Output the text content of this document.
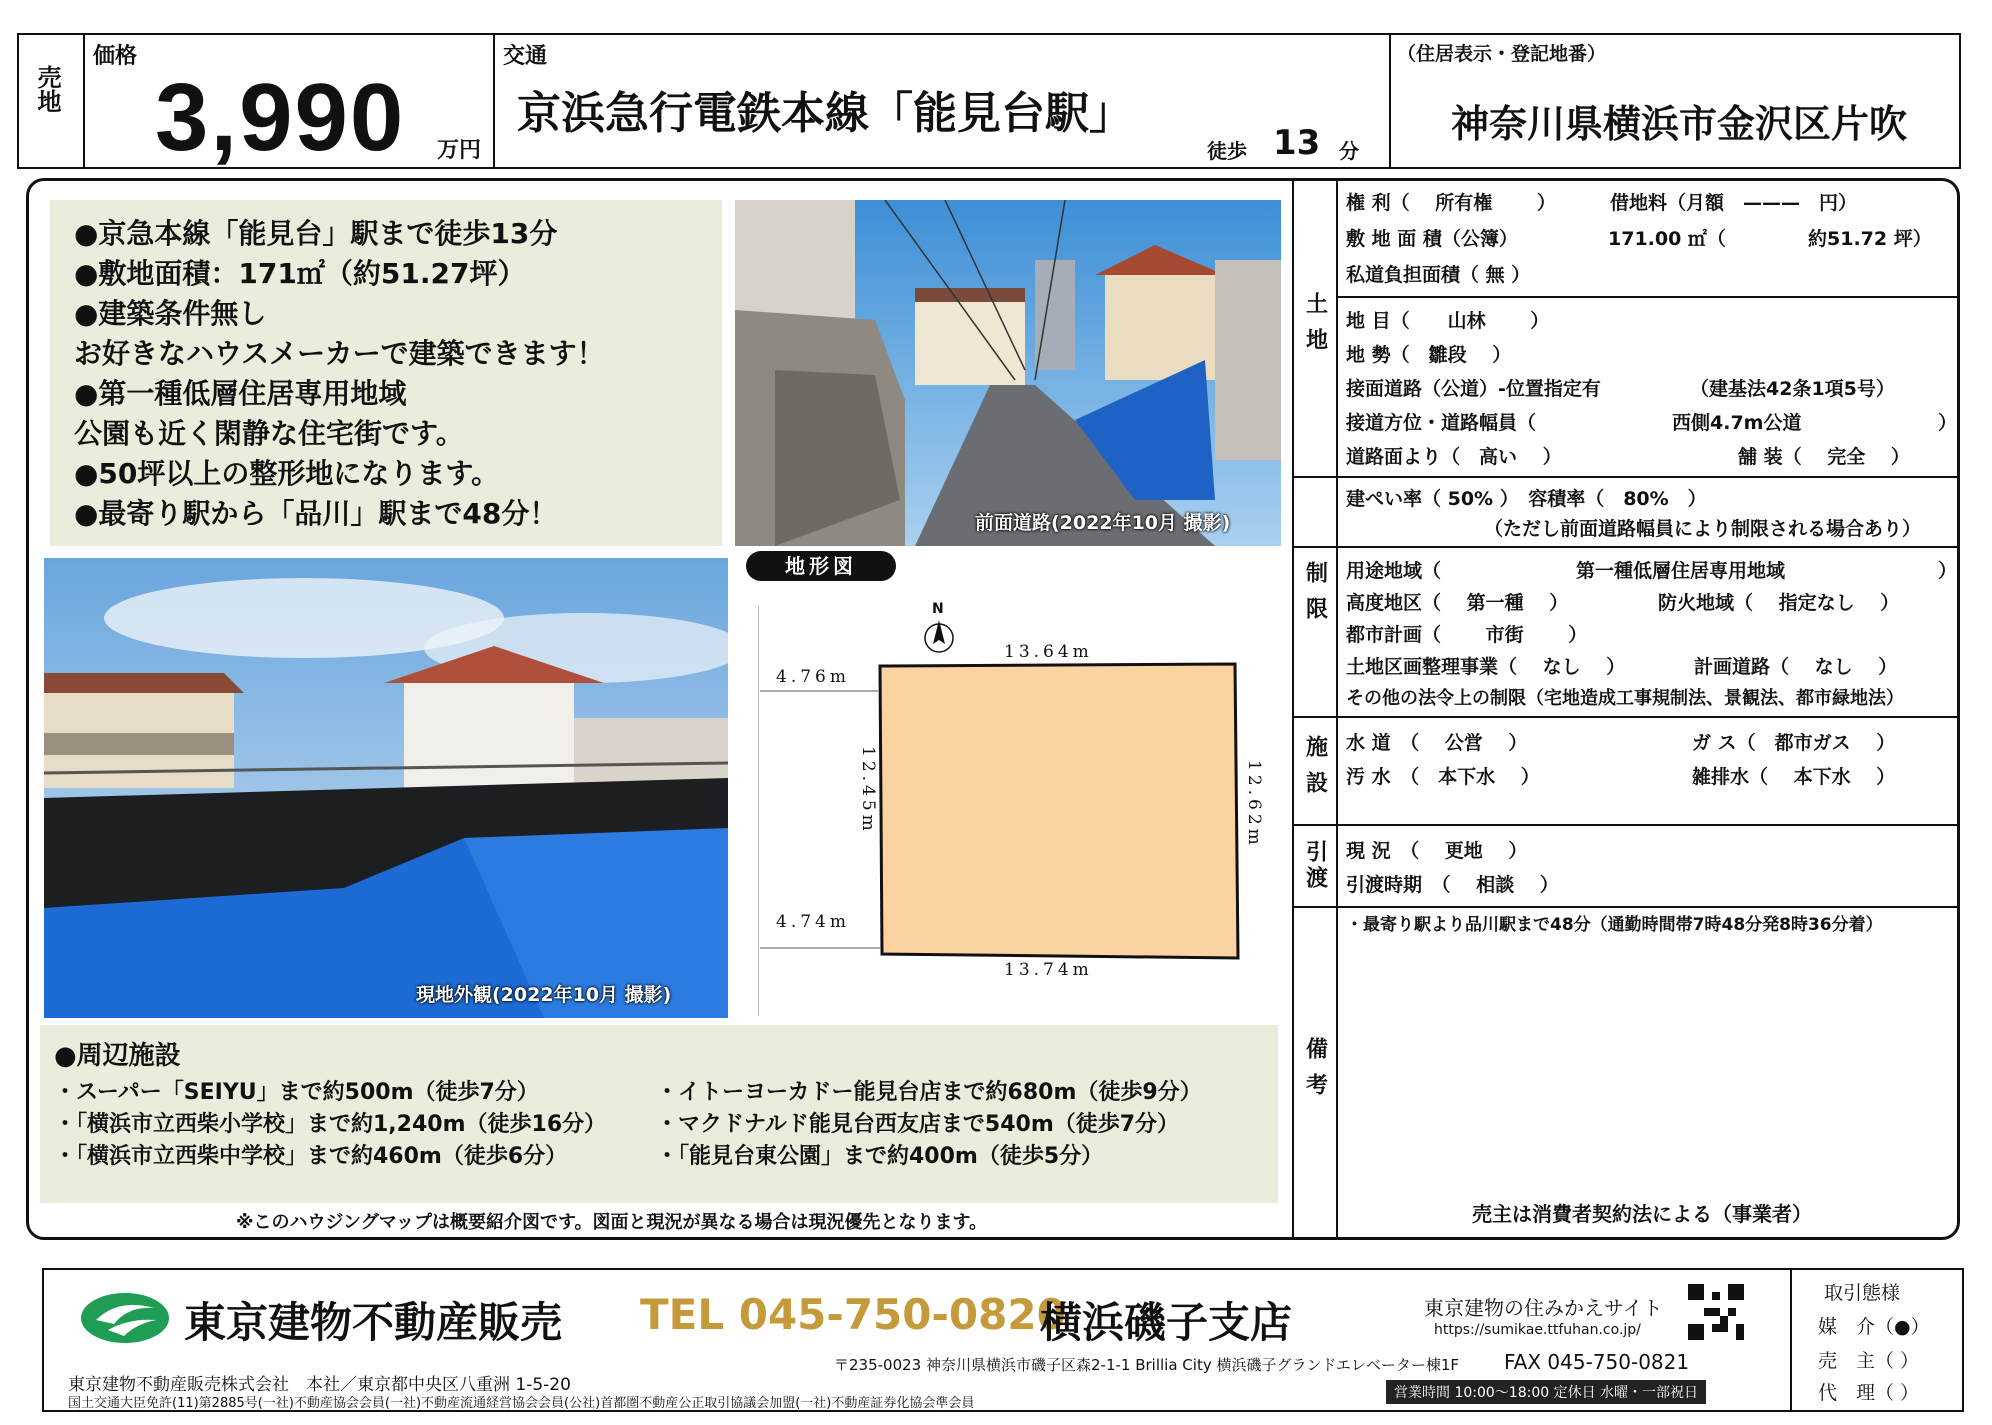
売地
価格
3,990 万円
交通
京浜急行電鉄本線「能見台駅」
徒歩 13 分
（住居表示・登記地番）
神奈川県横浜市金沢区片吹
●京急本線「能見台」駅まで徒歩13分
●敷地面積：171㎡（約51.27坪）
●建築条件無し
お好きなハウスメーカーで建築できます！
●第一種低層住居専用地域
公園も近く閑静な住宅街です。
●50坪以上の整形地になります。
●最寄り駅から「品川」駅まで48分！	前面道路(2022年10月 撮影)
現地外観(2022年10月 撮影)
地形図
N
13.64m
13.74m
4.76m
4.74m
12.45m	12.62m
●周辺施設
・スーパー「SEIYU」まで約500m（徒歩7分）
・「横浜市立西柴小学校」まで約1,240m（徒歩16分）
・「横浜市立西柴中学校」まで約460m（徒歩6分）
・イトーヨーカドー能見台店まで約680m（徒歩9分）
・マクドナルド能見台西友店まで540m（徒歩7分）
・「能見台東公園」まで約400m（徒歩5分）
※このハウジングマップは概要紹介図です。図面と現況が異なる場合は現況優先となります。
土地
権 利（　 所有権　　 ）	借地料（月額　———　円）
敷 地 面 積（公簿）	171.00 ㎡（	約51.72 坪）
私道負担面積（ 無 ）
地 目（　　山林　　 ）
地 勢（　雛段　 ）
接面道路（公道）-位置指定有	（建基法42条1項5号）
接道方位・道路幅員（	西側4.7m公道	）
道路面より（　高い　 ）	舗 装（　 完全　 ）
建ぺい率（ 50% ）　容積率（　80%　）
（ただし前面道路幅員により制限される場合あり）
制限 用途地域（	第一種低層住居専用地域	）
高度地区（　 第一種　 ）	防火地域（　 指定なし　 ）
都市計画（　　 市街　　 ）
土地区画整理事業（　 なし　 ）	計画道路（　 なし　 ）
その他の法令上の制限（宅地造成工事規制法、景観法、都市緑地法）
施設 水 道　（　 公営　 ）	ガ ス（　都市ガス　 ）
汚 水　（　本下水　 ）	雑排水（　 本下水　 ）
引渡 現 況　（　 更地　 ）
引渡時期　（　 相談　 ）
備考
・最寄り駅より品川駅まで48分（通勤時間帯7時48分発8時36分着）
売主は消費者契約法による（事業者）
東京建物不動産販売 TEL 045-750-0820
横浜磯子支店	東京建物の住みかえサイト
https://sumikae.ttfuhan.co.jp/
〒235-0023 神奈川県横浜市磯子区森2-1-1 Brillia City 横浜磯子グランドエレベーター棟1F FAX 045-750-0821
東京建物不動産販売株式会社　本社／東京都中央区八重洲 1-5-20
国土交通大臣免許(11)第2885号(一社)不動産協会会員(一社)不動産流通経営協会会員(公社)首都圏不動産公正取引協議会加盟(一社)不動産証券化協会準会員
営業時間 10:00〜18:00 定休日 水曜・一部祝日
取引態様
媒　介（●）
売　主（ ）
代　理（ ）
